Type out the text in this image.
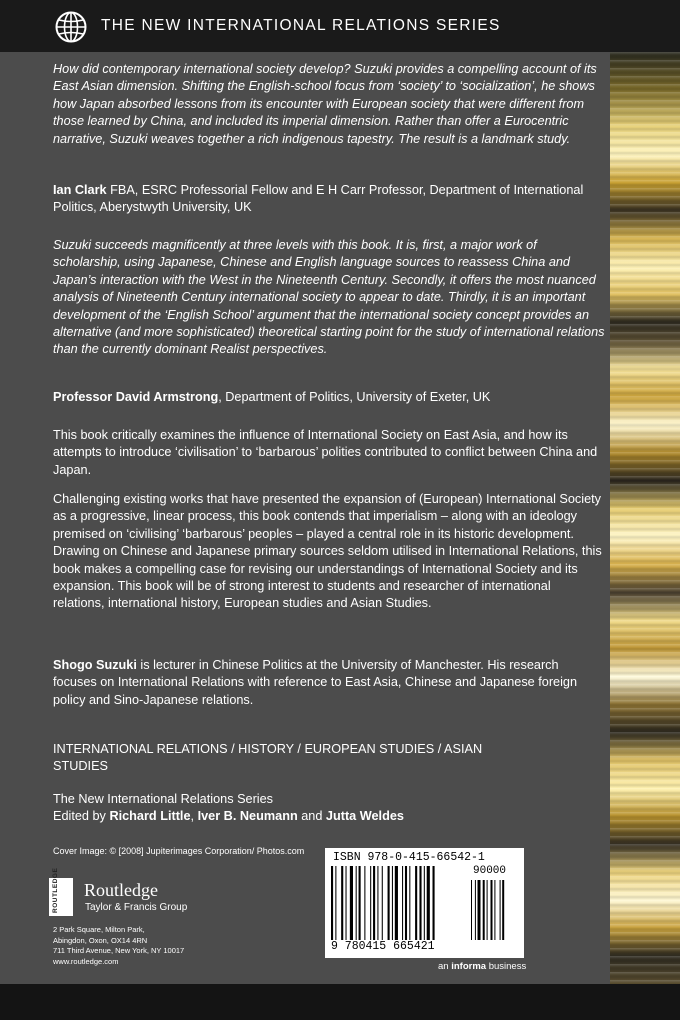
THE NEW INTERNATIONAL RELATIONS SERIES
How did contemporary international society develop? Suzuki provides a compelling account of its East Asian dimension. Shifting the English-school focus from ‘society’ to ‘socialization’, he shows how Japan absorbed lessons from its encounter with European society that were different from those learned by China, and included its imperial dimension. Rather than offer a Eurocentric narrative, Suzuki weaves together a rich indigenous tapestry. The result is a landmark study.
Ian Clark FBA, ESRC Professorial Fellow and E H Carr Professor, Department of International Politics, Aberystwyth University, UK
Suzuki succeeds magnificently at three levels with this book. It is, first, a major work of scholarship, using Japanese, Chinese and English language sources to reassess China and Japan’s interaction with the West in the Nineteenth Century. Secondly, it offers the most nuanced analysis of Nineteenth Century international society to appear to date. Thirdly, it is an important development of the ‘English School’ argument that the international society concept provides an alternative (and more sophisticated) theoretical starting point for the study of international relations than the currently dominant Realist perspectives.
Professor David Armstrong, Department of Politics, University of Exeter, UK
This book critically examines the influence of International Society on East Asia, and how its attempts to introduce ‘civilisation’ to ‘barbarous’ polities contributed to conflict between China and Japan.
Challenging existing works that have presented the expansion of (European) International Society as a progressive, linear process, this book contends that imperialism – along with an ideology premised on ‘civilising’ ‘barbarous’ peoples – played a central role in its historic development. Drawing on Chinese and Japanese primary sources seldom utilised in International Relations, this book makes a compelling case for revising our understandings of International Society and its expansion. This book will be of strong interest to students and researcher of international relations, international history, European studies and Asian Studies.
Shogo Suzuki is lecturer in Chinese Politics at the University of Manchester. His research focuses on International Relations with reference to East Asia, Chinese and Japanese foreign policy and Sino-Japanese relations.
INTERNATIONAL RELATIONS / HISTORY / EUROPEAN STUDIES / ASIAN STUDIES
The New International Relations Series
Edited by Richard Little, Iver B. Neumann and Jutta Weldes
Cover Image: © [2008] Jupiterimages Corporation/ Photos.com
ROUTLEDGE Routledge
Taylor & Francis Group
2 Park Square, Milton Park,
Abingdon, Oxon, OX14 4RN
711 Third Avenue, New York, NY 10017
www.routledge.com
ISBN 978-0-415-66542-1
90000
9 780415 665421
an informa business
